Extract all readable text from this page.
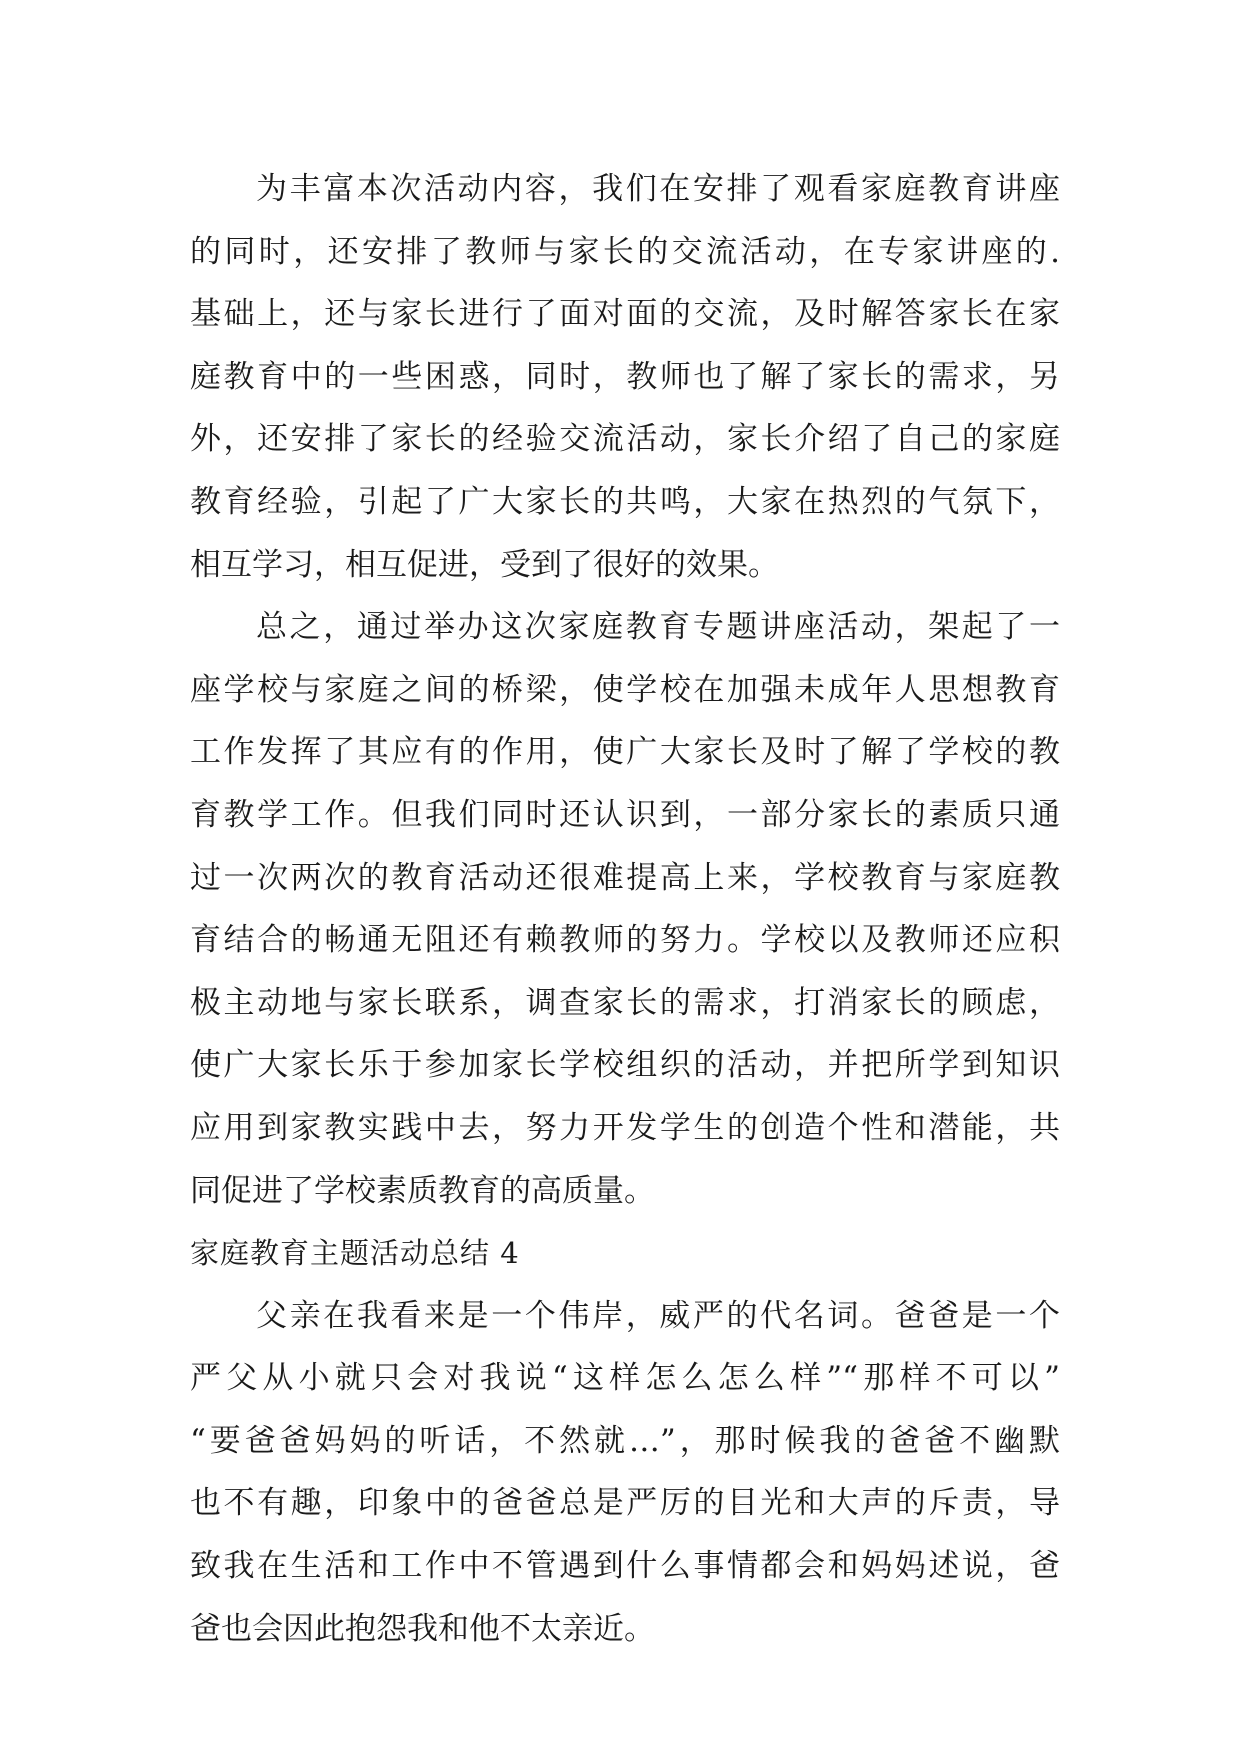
为丰富本次活动内容，我们在安排了观看家庭教育讲座
的同时，还安排了教师与家长的交流活动，在专家讲座的.
基础上，还与家长进行了面对面的交流，及时解答家长在家
庭教育中的一些困惑，同时，教师也了解了家长的需求，另
外，还安排了家长的经验交流活动，家长介绍了自己的家庭
教育经验，引起了广大家长的共鸣，大家在热烈的气氛下，
相互学习，相互促进，受到了很好的效果。
总之，通过举办这次家庭教育专题讲座活动，架起了一
座学校与家庭之间的桥梁，使学校在加强未成年人思想教育
工作发挥了其应有的作用，使广大家长及时了解了学校的教
育教学工作。但我们同时还认识到，一部分家长的素质只通
过一次两次的教育活动还很难提高上来，学校教育与家庭教
育结合的畅通无阻还有赖教师的努力。学校以及教师还应积
极主动地与家长联系，调查家长的需求，打消家长的顾虑，
使广大家长乐于参加家长学校组织的活动，并把所学到知识
应用到家教实践中去，努力开发学生的创造个性和潜能，共
同促进了学校素质教育的高质量。
家庭教育主题活动总结 4
父亲在我看来是一个伟岸，威严的代名词。爸爸是一个
严父从小就只会对我说“这样怎么怎么样”“那样不可以”
“要爸爸妈妈的听话，不然就…”，那时候我的爸爸不幽默
也不有趣，印象中的爸爸总是严厉的目光和大声的斥责，导
致我在生活和工作中不管遇到什么事情都会和妈妈述说，爸
爸也会因此抱怨我和他不太亲近。
